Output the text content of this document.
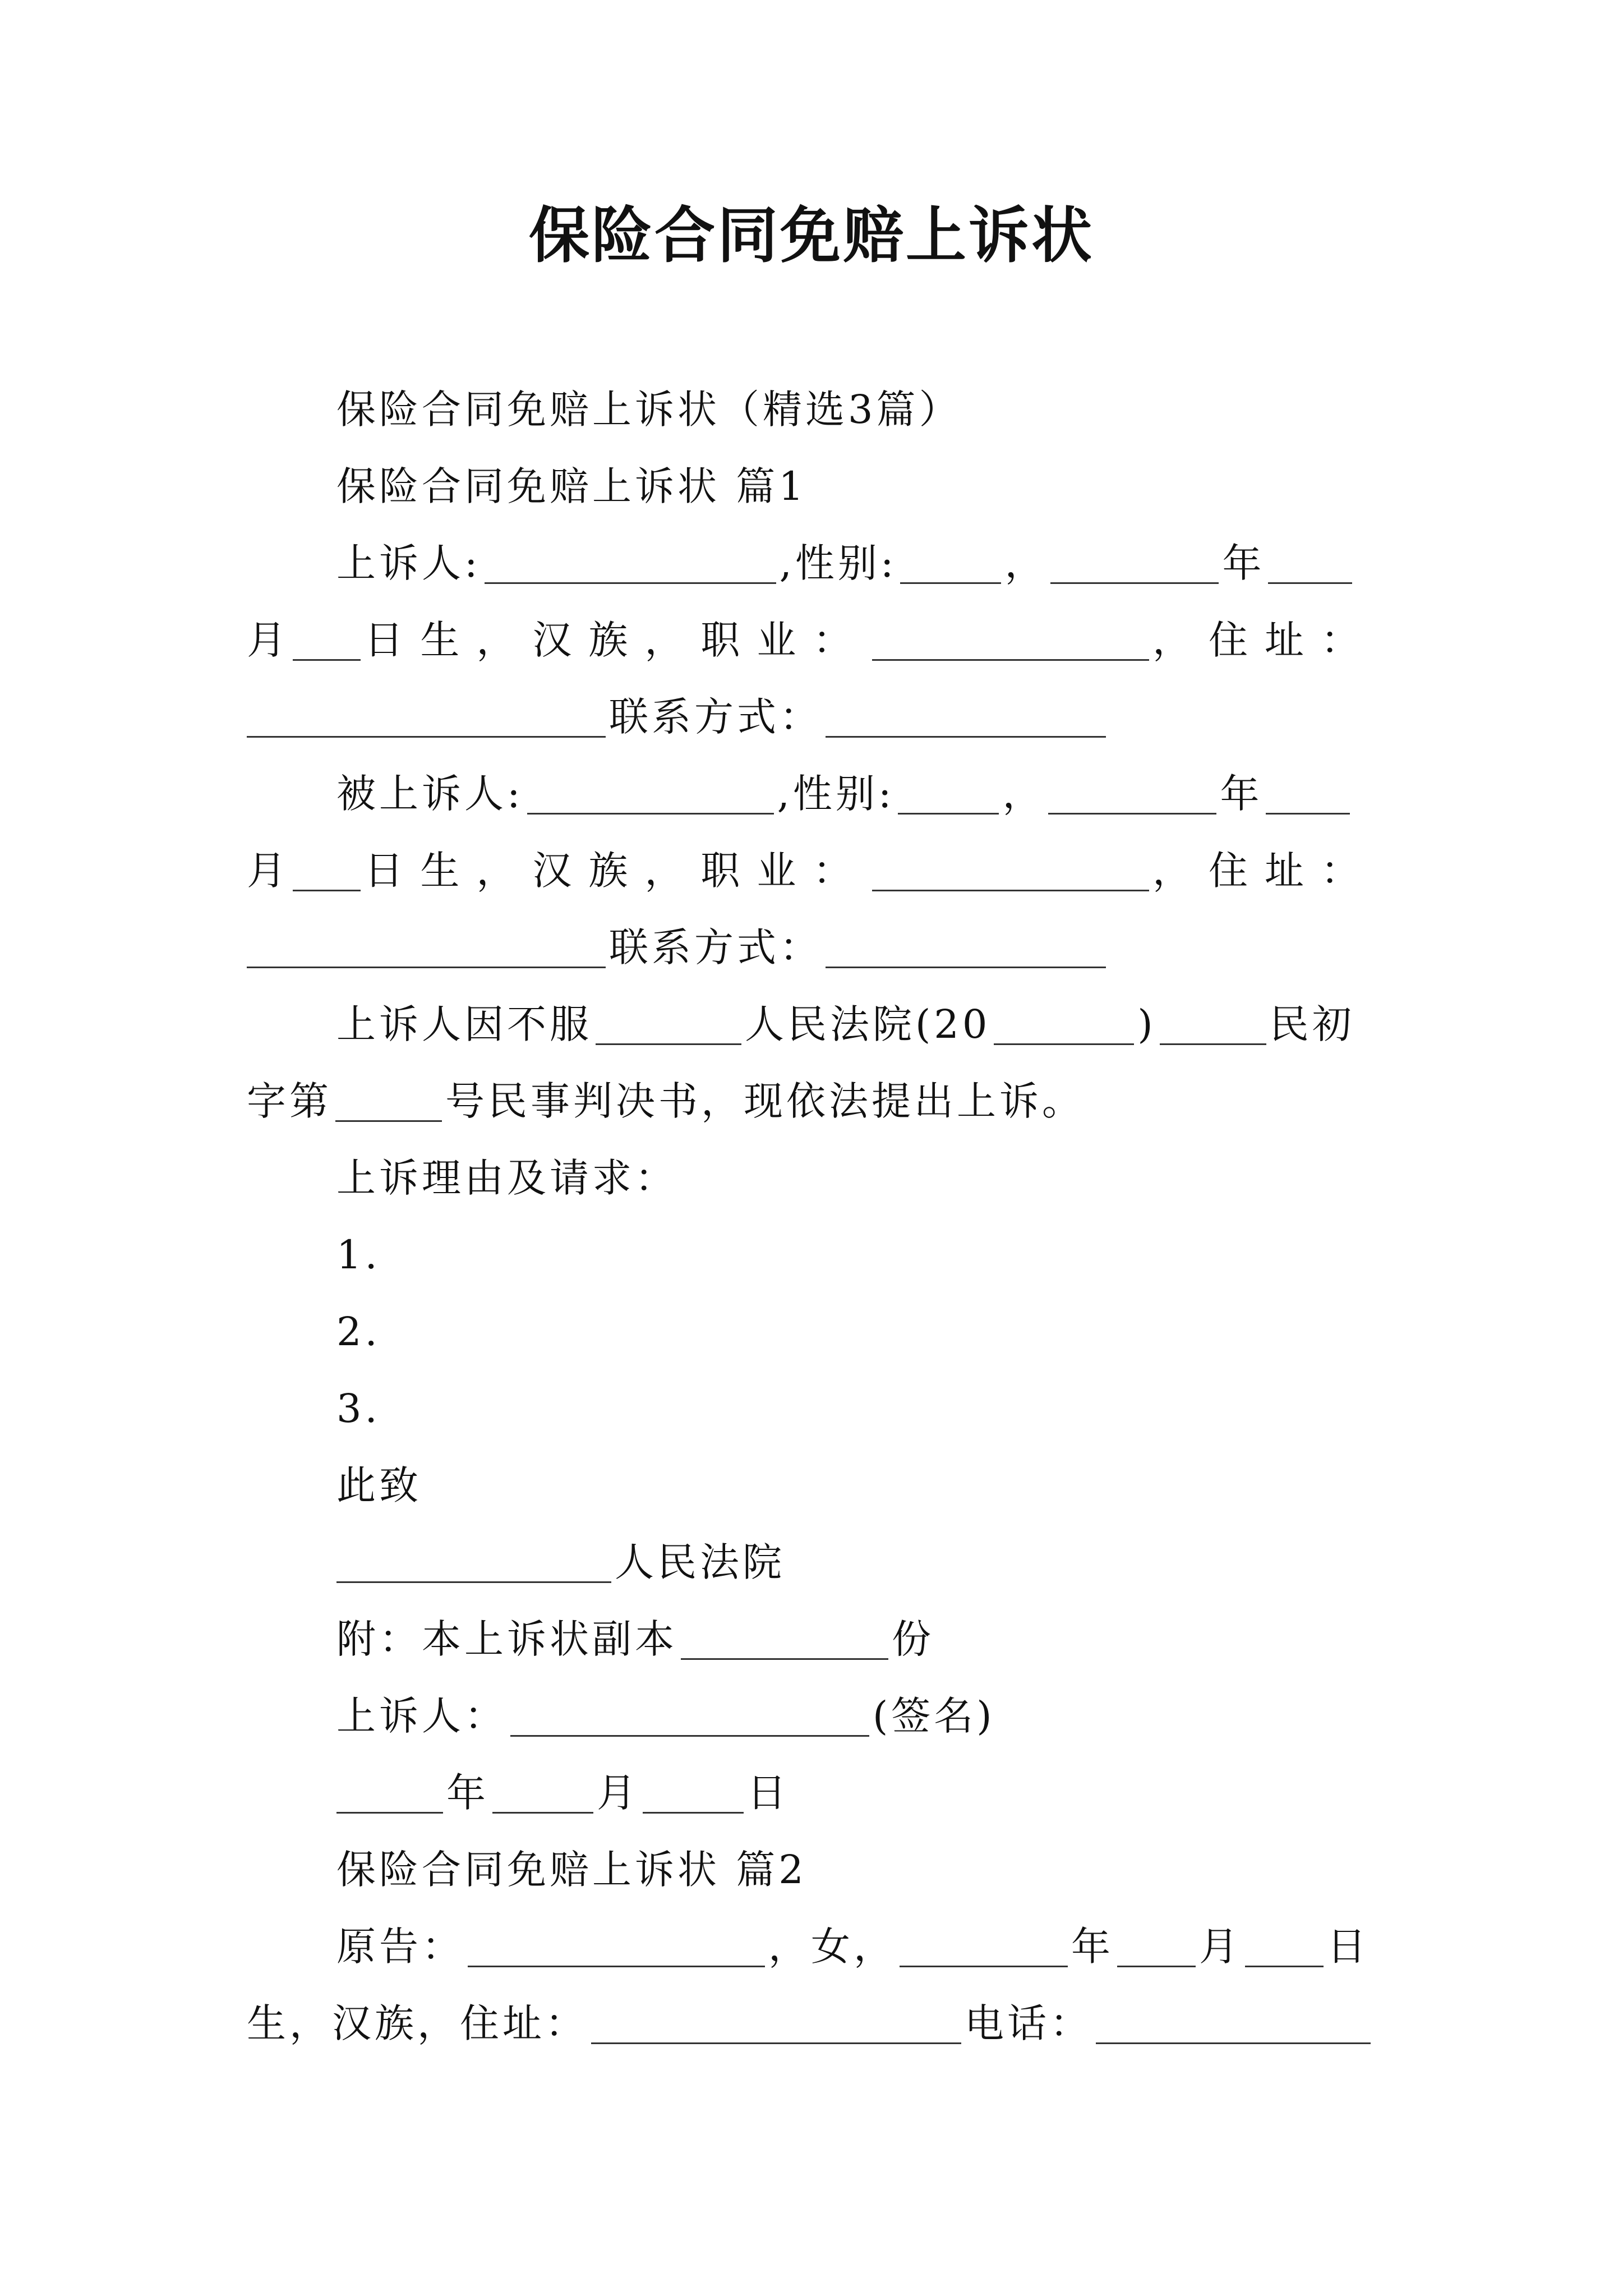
保险合同免赔上诉状
保险合同免赔上诉状（精选3篇）
保险合同免赔上诉状 篇1
上诉人:	,性别:	，	年
月 日生，汉族，职业：	，住址：
联系方式：
被上诉人:	,性别:	，	年
月 日生，汉族，职业：	，住址：
联系方式：
上诉人因不服	人民法院(20	)	民初
字第	号民事判决书，现依法提出上诉。
上诉理由及请求：
1.
2.
3.
此致
人民法院
附：本上诉状副本	份
上诉人：	(签名)
年	月	日
保险合同免赔上诉状 篇2
原告：	，女，	年 月 日
生，汉族，住址：	电话：
